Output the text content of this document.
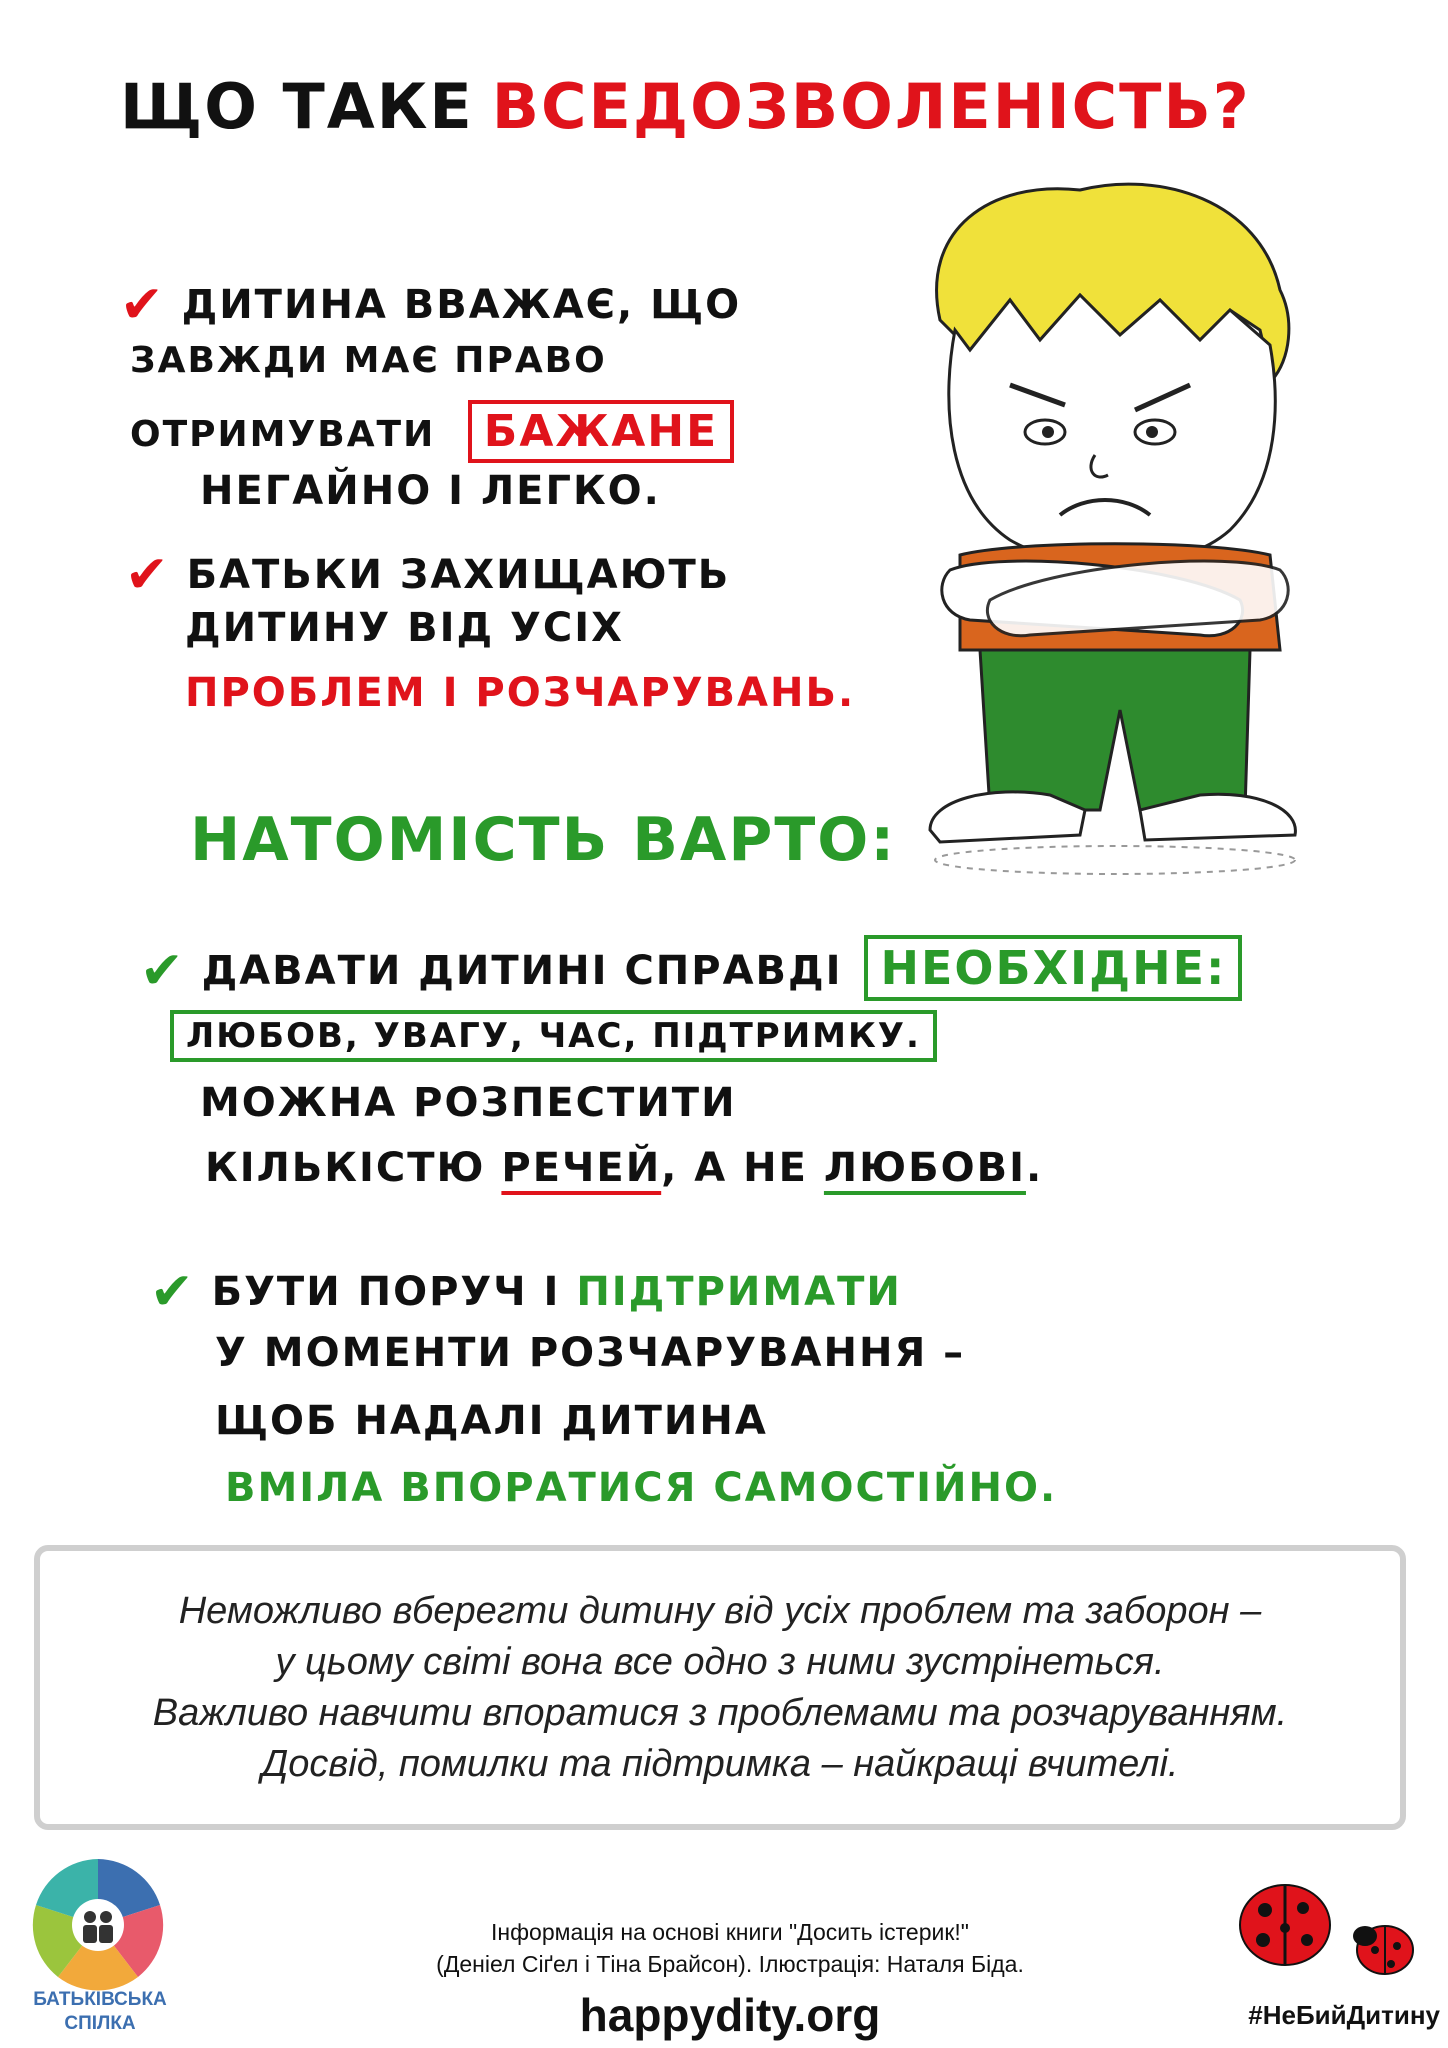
ЩО ТАКЕ ВСЕДОЗВОЛЕНІСТЬ?
✔ ДИТИНА ВВАЖАЄ, ЩО
ЗАВЖДИ МАЄ ПРАВО
ОТРИМУВАТИ БАЖАНЕ
НЕГАЙНО І ЛЕГКО.
✔ БАТЬКИ ЗАХИЩАЮТЬ
ДИТИНУ ВІД УСІХ
ПРОБЛЕМ І РОЗЧАРУВАНЬ.
НАТОМІСТЬ ВАРТО:
✔ ДАВАТИ ДИТИНІ СПРАВДІ НЕОБХІДНЕ:
ЛЮБОВ, УВАГУ, ЧАС, ПІДТРИМКУ.
МОЖНА РОЗПЕСТИТИ
КІЛЬКІСТЮ РЕЧЕЙ, А НЕ ЛЮБОВІ.
✔ БУТИ ПОРУЧ І ПІДТРИМАТИ
У МОМЕНТИ РОЗЧАРУВАННЯ –
ЩОБ НАДАЛІ ДИТИНА
ВМІЛА ВПОРАТИСЯ САМОСТІЙНО.

Неможливо вберегти дитину від усіх проблем та заборон –

у цьому світі вона все одно з ними зустрінеться.

Важливо навчити впоратися з проблемами та розчаруванням.

Досвід, помилки та підтримка – найкращі вчителі.

БАТЬКІВСЬКА СПІЛКА
Інформація на основі книги "Досить істерик!"
(Деніел Сіґел і Тіна Брайсон). Ілюстрація: Наталя Біда.
happydity.org	#НеБийДитину
